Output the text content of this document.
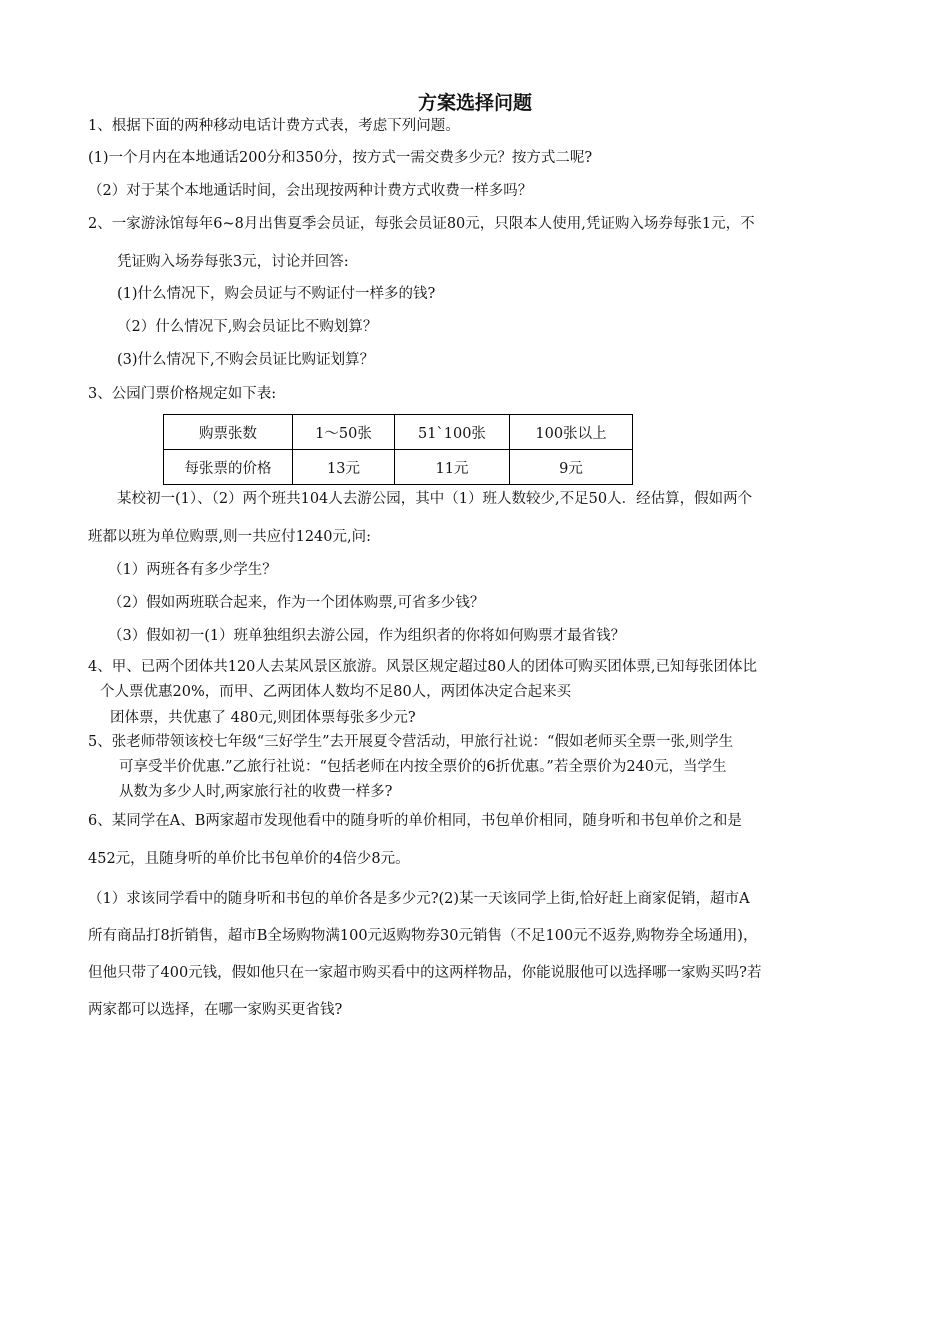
方案选择问题
1、根据下面的两种移动电话计费方式表，考虑下列问题。
(1)一个月内在本地通话200分和350分，按方式一需交费多少元？按方式二呢?
（2）对于某个本地通话时间，会出现按两种计费方式收费一样多吗？
2、一家游泳馆每年6~8月出售夏季会员证，每张会员证80元，只限本人使用,凭证购入场券每张1元，不
凭证购入场券每张3元，讨论并回答:
(1)什么情况下，购会员证与不购证付一样多的钱?
（2）什么情况下,购会员证比不购划算？
(3)什么情况下,不购会员证比购证划算？
3、公园门票价格规定如下表:
购票张数	1～50张	51`100张	100张以上
每张票的价格	13元	11元	9元
某校初一(1）、（2）两个班共104人去游公园，其中（1）班人数较少,不足50人．经估算，假如两个
班都以班为单位购票,则一共应付1240元,问:
（1）两班各有多少学生？
（2）假如两班联合起来，作为一个团体购票,可省多少钱？
（3）假如初一(1）班单独组织去游公园，作为组织者的你将如何购票才最省钱？
4、甲、已两个团体共120人去某风景区旅游。风景区规定超过80人的团体可购买团体票,已知每张团体比
个人票优惠20%，而甲、乙两团体人数均不足80人，两团体决定合起来买
团体票，共优惠了 480元,则团体票每张多少元?
5、张老师带领该校七年级“三好学生”去开展夏令营活动，甲旅行社说：“假如老师买全票一张,则学生
可享受半价优惠.”乙旅行社说：“包括老师在内按全票价的6折优惠。”若全票价为240元，当学生
从数为多少人时,两家旅行社的收费一样多?
6、某同学在A、B两家超市发现他看中的随身听的单价相同，书包单价相同，随身听和书包单价之和是
452元，且随身听的单价比书包单价的4倍少8元。
（1）求该同学看中的随身听和书包的单价各是多少元?(2)某一天该同学上街,恰好赶上商家促销，超市A
所有商品打8折销售，超市B全场购物满100元返购物券30元销售（不足100元不返券,购物券全场通用)，
但他只带了400元钱，假如他只在一家超市购买看中的这两样物品，你能说服他可以选择哪一家购买吗?若
两家都可以选择，在哪一家购买更省钱?
